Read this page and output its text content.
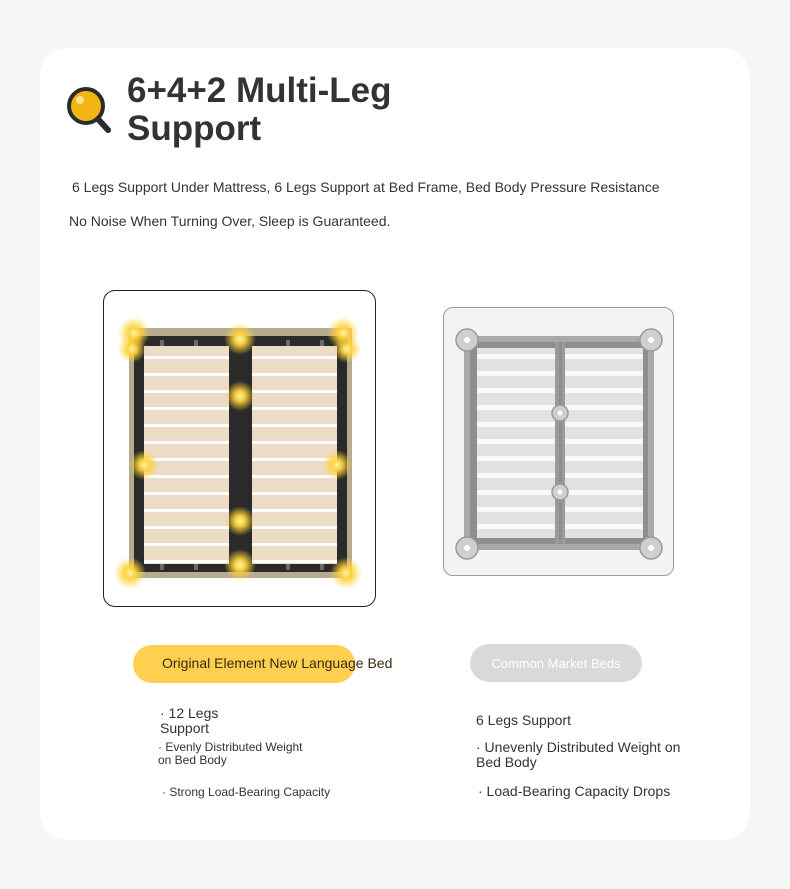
6+4+2 Multi-Leg Support
6 Legs Support Under Mattress, 6 Legs Support at Bed Frame, Bed Body Pressure Resistance
No Noise When Turning Over, Sleep is Guaranteed.
Original Element New Language Bed	Common Market Beds
· 12 Legs Support
· Evenly Distributed Weight on Bed Body
· Strong Load-Bearing Capacity
6 Legs Support
· Unevenly Distributed Weight on Bed Body
· Load-Bearing Capacity Drops
